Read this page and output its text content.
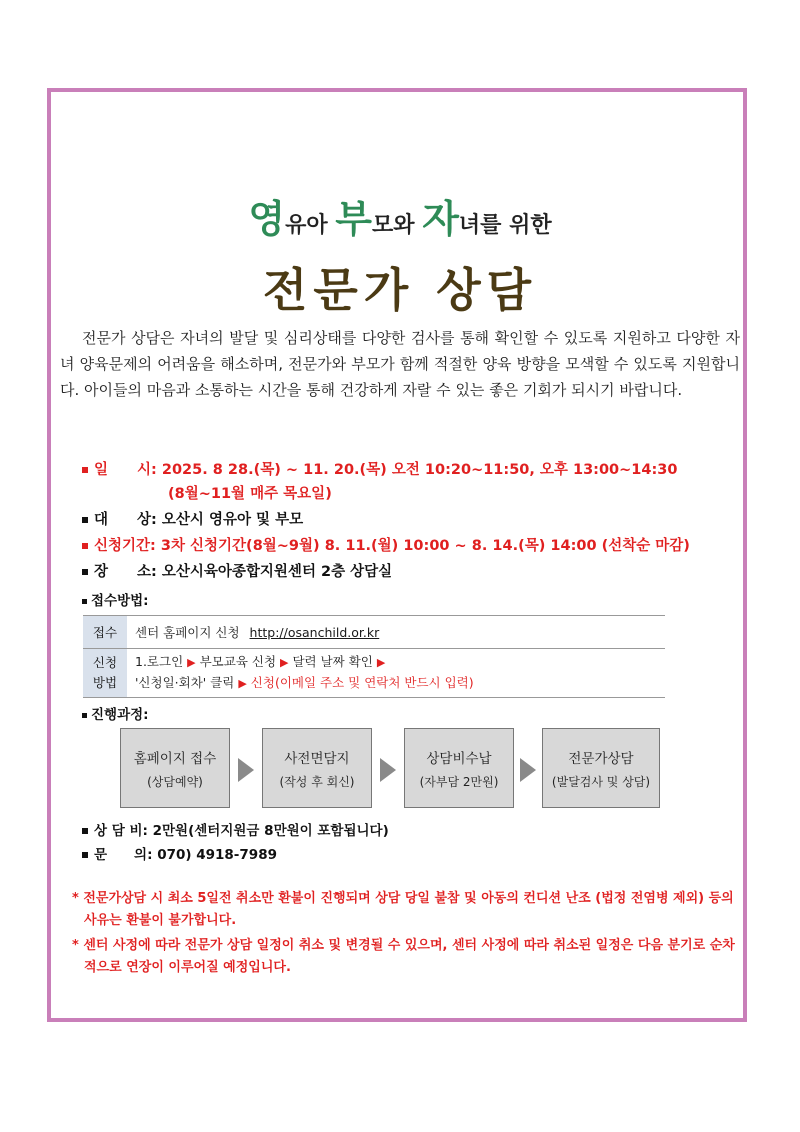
영유아 부모와 자녀를 위한
전문가 상담
전문가 상담은 자녀의 발달 및 심리상태를 다양한 검사를 통해 확인할 수 있도록 지원하고 다양한 자녀 양육문제의 어려움을 해소하며, 전문가와 부모가 함께 적절한 양육 방향을 모색할 수 있도록 지원합니다. 아이들의 마음과 소통하는 시간을 통해 건강하게 자랄 수 있는 좋은 기회가 되시기 바랍니다.
일　　시: 2025. 8 28.(목) ~ 11. 20.(목) 오전 10:20~11:50, 오후 13:00~14:30
(8월~11월 매주 목요일)
대　　상: 오산시 영유아 및 부모
신청기간: 3차 신청기간(8월~9월) 8. 11.(월) 10:00 ~ 8. 14.(목) 14:00 (선착순 마감)
장　　소: 오산시육아종합지원센터 2층 상담실
접수방법:
접수	센터 홈페이지 신청 http://osanchild.or.kr

신청
방법	1.로그인 ▶ 부모교육 신청 ▶ 달력 날짜 확인 ▶
'신청일·회차' 클릭 ▶ 신청(이메일 주소 및 연락처 반드시 입력)
진행과정:
홈페이지 접수
(상담예약)
사전면담지
(작성 후 회신)
상담비수납
(자부담 2만원)
전문가상담
(발달검사 및 상담)
상 담 비: 2만원(센터지원금 8만원이 포함됩니다)
문　　의: 070) 4918-7989

* 전문가상담 시 최소 5일전 취소만 환불이 진행되며 상담 당일 불참 및 아동의 컨디션 난조 (법정 전염병 제외) 등의 사유는 환불이 불가합니다.

* 센터 사정에 따라 전문가 상담 일정이 취소 및 변경될 수 있으며, 센터 사정에 따라 취소된 일정은 다음 분기로 순차적으로 연장이 이루어질 예정입니다.
